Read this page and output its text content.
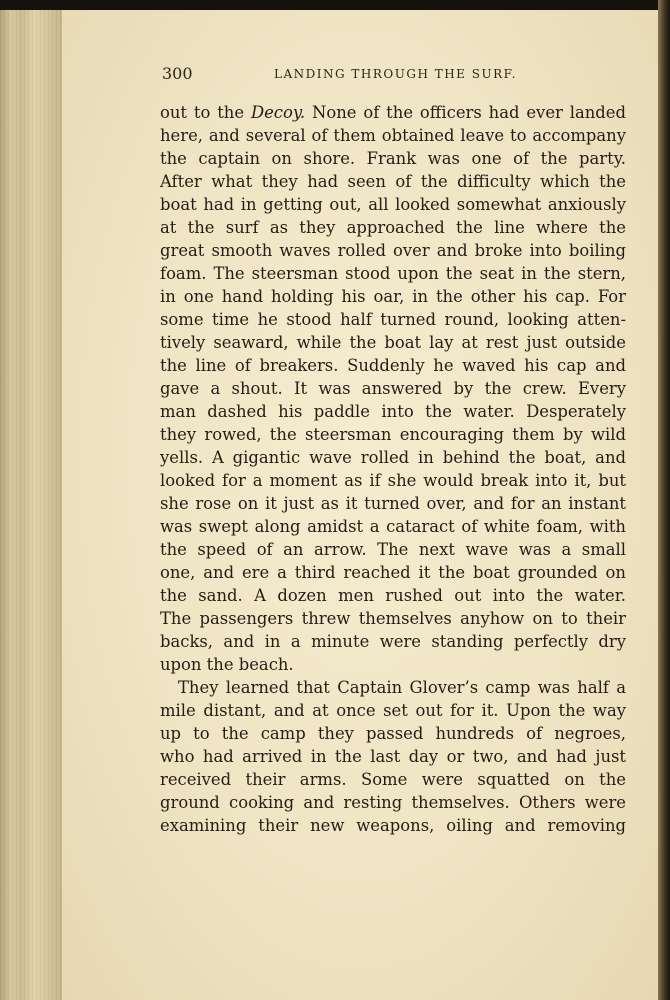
300	LANDING THROUGH THE SURF.
out to the Decoy. None of the officers had ever landed
here, and several of them obtained leave to accompany
the captain on shore. Frank was one of the party.
After what they had seen of the difficulty which the
boat had in getting out, all looked somewhat anxiously
at the surf as they approached the line where the
great smooth waves rolled over and broke into boiling
foam. The steersman stood upon the seat in the stern,
in one hand holding his oar, in the other his cap. For
some time he stood half turned round, looking atten-
tively seaward, while the boat lay at rest just outside
the line of breakers. Suddenly he waved his cap and
gave a shout. It was answered by the crew. Every
man dashed his paddle into the water. Desperately
they rowed, the steersman encouraging them by wild
yells. A gigantic wave rolled in behind the boat, and
looked for a moment as if she would break into it, but
she rose on it just as it turned over, and for an instant
was swept along amidst a cataract of white foam, with
the speed of an arrow. The next wave was a small
one, and ere a third reached it the boat grounded on
the sand. A dozen men rushed out into the water.
The passengers threw themselves anyhow on to their
backs, and in a minute were standing perfectly dry
upon the beach.
They learned that Captain Glover’s camp was half a
mile distant, and at once set out for it. Upon the way
up to the camp they passed hundreds of negroes,
who had arrived in the last day or two, and had just
received their arms. Some were squatted on the
ground cooking and resting themselves. Others were
examining their new weapons, oiling and removing
